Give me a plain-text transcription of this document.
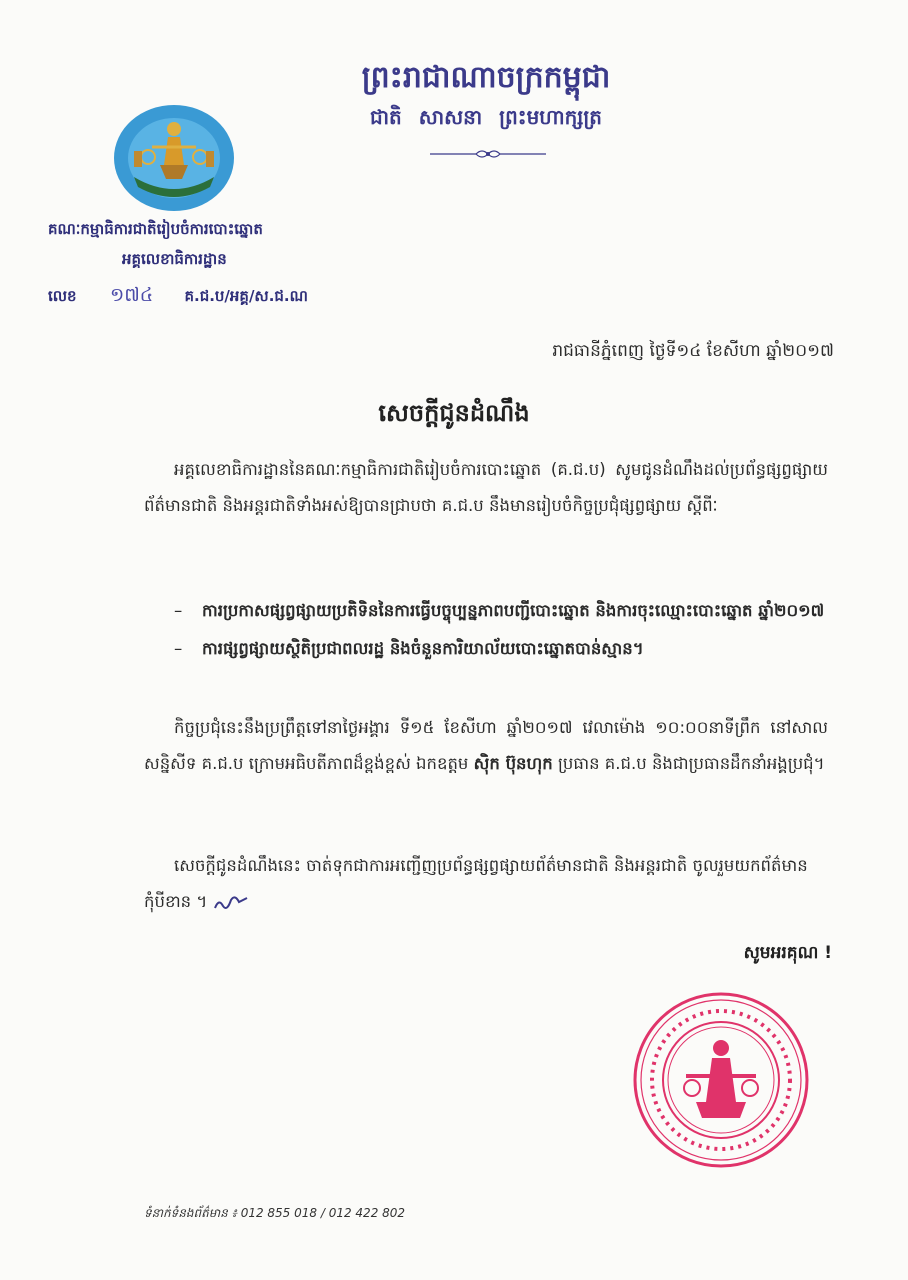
ព្រះរាជាណាចក្រកម្ពុជា
ជាតិ សាសនា ព្រះមហាក្សត្រ
គណៈកម្មាធិការជាតិរៀបចំការបោះឆ្នោត
អគ្គលេខាធិការដ្ឋាន
លេខ ១៧៤ គ.ជ.ប/អគ្គ/ស.ជ.ណ
រាជធានីភ្នំពេញ ថ្ងៃទី១៤ ខែសីហា ឆ្នាំ២០១៧
សេចក្ដីជូនដំណឹង
អគ្គលេខាធិការដ្ឋាននៃគណៈកម្មាធិការជាតិរៀបចំការបោះឆ្នោត (គ.ជ.ប) សូមជូនដំណឹងដល់ប្រព័ន្ធផ្សព្វផ្សាយព័ត៌មានជាតិ និងអន្តរជាតិទាំងអស់ឱ្យបានជ្រាបថា គ.ជ.ប នឹងមានរៀបចំកិច្ចប្រជុំផ្សព្វផ្សាយ ស្ដីពីៈ
– ការប្រកាសផ្សព្វផ្សាយប្រតិទិននៃការធ្វើបច្ចុប្បន្នភាពបញ្ជីបោះឆ្នោត និងការចុះឈ្មោះបោះឆ្នោត ឆ្នាំ២០១៧
– ការផ្សព្វផ្សាយស្ថិតិប្រជាពលរដ្ឋ និងចំនួនការិយាល័យបោះឆ្នោតបាន់ស្មាន។
កិច្ចប្រជុំនេះនឹងប្រព្រឹត្តទៅនាថ្ងៃអង្គារ ទី១៥ ខែសីហា ឆ្នាំ២០១៧ វេលាម៉ោង ១០:០០នាទីព្រឹក នៅសាលសន្និសីទ គ.ជ.ប ក្រោមអធិបតីភាពដ៏ខ្ពង់ខ្ពស់ ឯកឧត្តម ស៊ិក ប៊ុនហុក ប្រធាន គ.ជ.ប និងជាប្រធានដឹកនាំអង្គប្រជុំ។
សេចក្ដីជូនដំណឹងនេះ ចាត់ទុកជាការអញ្ជើញប្រព័ន្ធផ្សព្វផ្សាយព័ត៌មានជាតិ និងអន្តរជាតិ ចូលរួមយកព័ត៌មានកុំបីខាន ។
សូមអរគុណ !
ទំនាក់ទំនងព័ត៌មាន ៖ 012 855 018 / 012 422 802
